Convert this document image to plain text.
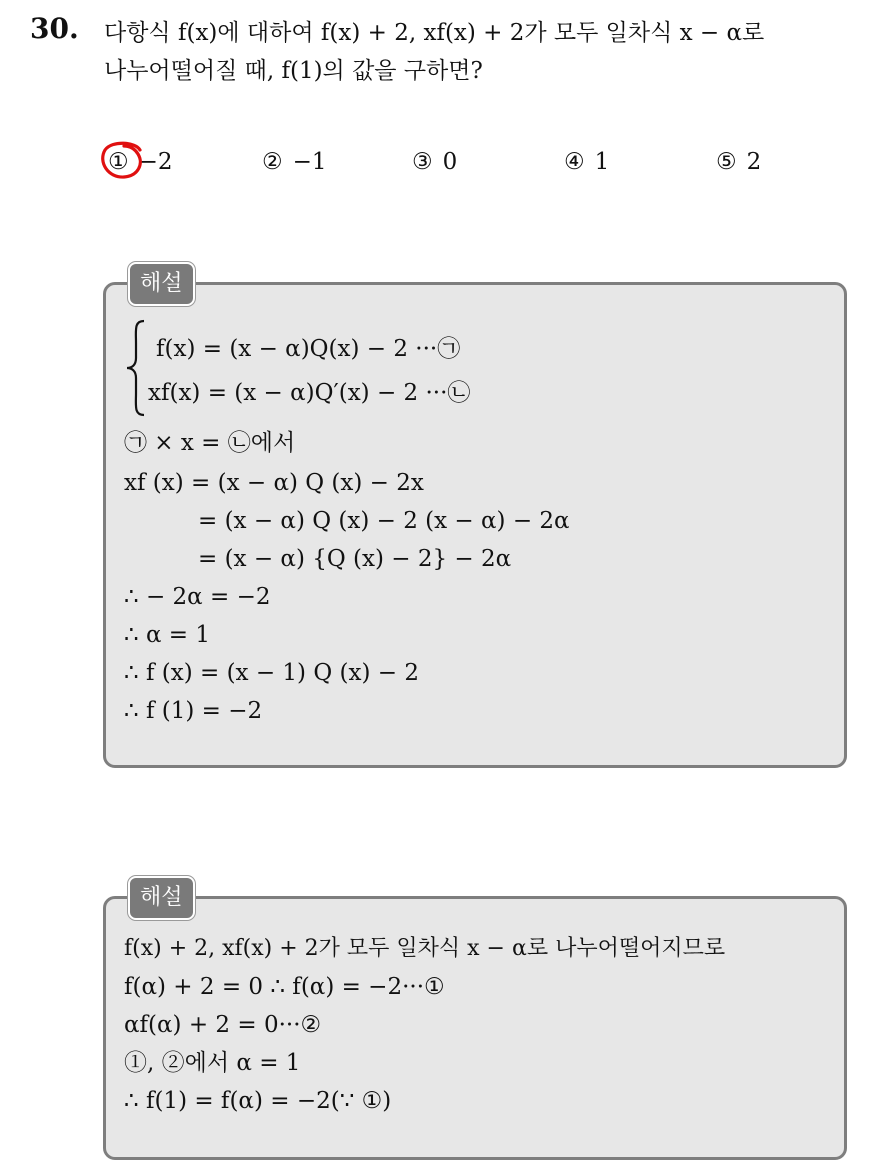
30. 다항식 f(x)에 대하여 f(x) + 2, xf(x) + 2가 모두 일차식 x − α로
나누어떨어질 때, f(1)의 값을 구하면?
① −2	② −1	③ 0	④ 1	⑤ 2
해설
f(x) = (x − α)Q(x) − 2 ···㉠
xf(x) = (x − α)Q′(x) − 2 ···㉡
㉠ × x = ㉡에서
xf (x) = (x − α) Q (x) − 2x
= (x − α) Q (x) − 2 (x − α) − 2α
= (x − α) {Q (x) − 2} − 2α
∴ − 2α = −2
∴ α = 1
∴ f (x) = (x − 1) Q (x) − 2
∴ f (1) = −2
해설
f(x) + 2, xf(x) + 2가 모두 일차식 x − α로 나누어떨어지므로
f(α) + 2 = 0 ∴ f(α) = −2···①
αf(α) + 2 = 0···②
①, ②에서 α = 1
∴ f(1) = f(α) = −2(∵ ①)
